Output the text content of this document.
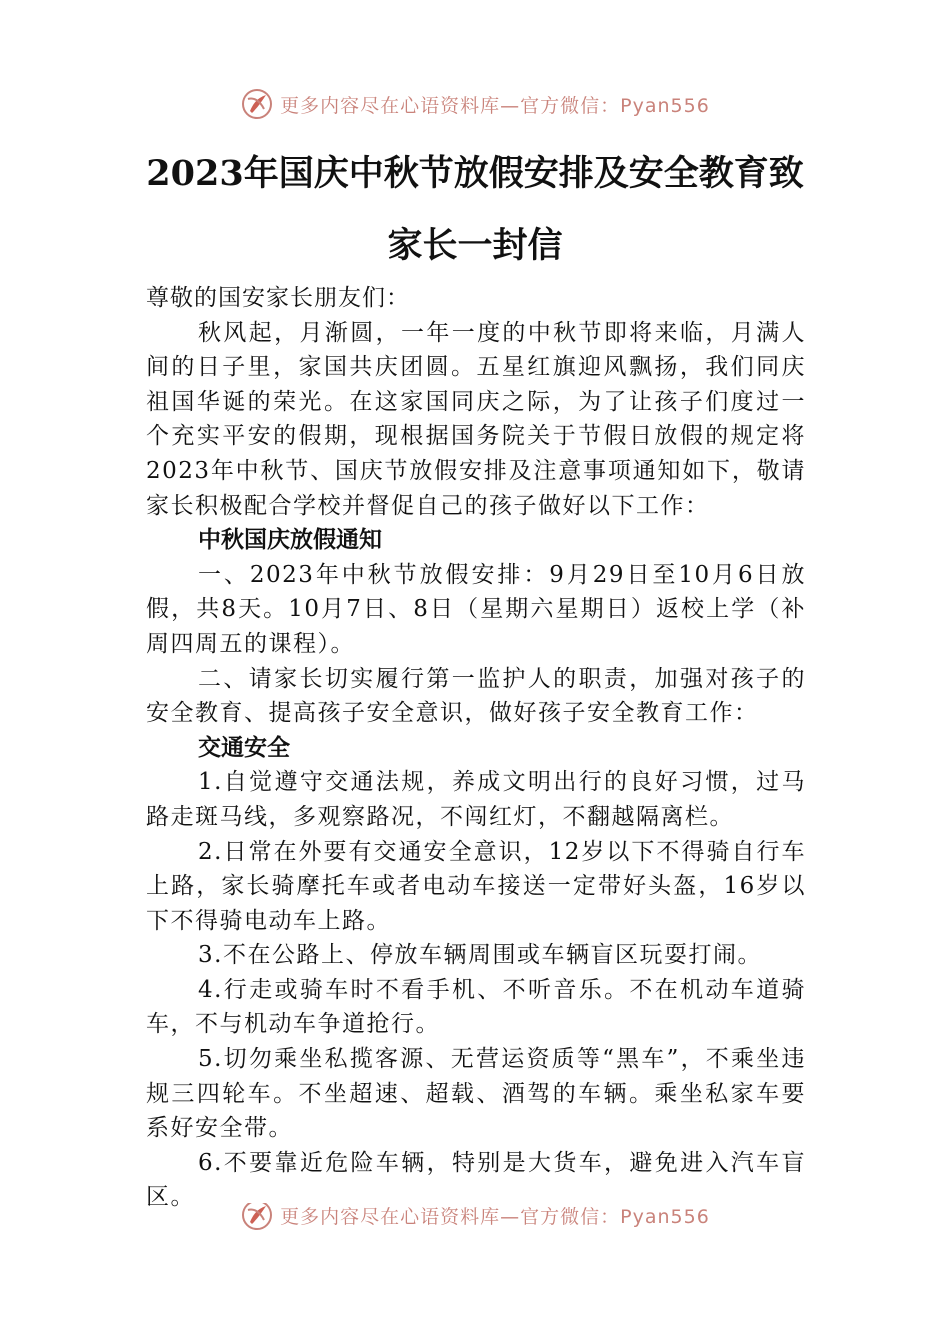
更多内容尽在心语资料库—官方微信：Pyan556
2023年国庆中秋节放假安排及安全教育致
家长一封信

尊敬的国安家长朋友们：

秋风起，月渐圆，一年一度的中秋节即将来临，月满人间的日子里，家国共庆团圆。五星红旗迎风飘扬，我们同庆祖国华诞的荣光。在这家国同庆之际，为了让孩子们度过一个充实平安的假期，现根据国务院关于节假日放假的规定将2023年中秋节、国庆节放假安排及注意事项通知如下，敬请家长积极配合学校并督促自己的孩子做好以下工作：

中秋国庆放假通知

一、2023年中秋节放假安排：9月29日至10月6日放假，共8天。10月7日、8日（星期六星期日）返校上学（补周四周五的课程）。

二、请家长切实履行第一监护人的职责，加强对孩子的安全教育、提高孩子安全意识，做好孩子安全教育工作：

交通安全

1.自觉遵守交通法规，养成文明出行的良好习惯，过马路走斑马线，多观察路况，不闯红灯，不翻越隔离栏。

2.日常在外要有交通安全意识，12岁以下不得骑自行车上路，家长骑摩托车或者电动车接送一定带好头盔，16岁以下不得骑电动车上路。

3.不在公路上、停放车辆周围或车辆盲区玩耍打闹。

4.行走或骑车时不看手机、不听音乐。不在机动车道骑车，不与机动车争道抢行。

5.切勿乘坐私揽客源、无营运资质等“黑车”，不乘坐违规三四轮车。不坐超速、超载、酒驾的车辆。乘坐私家车要系好安全带。

6.不要靠近危险车辆，特别是大货车，避免进入汽车盲区。

更多内容尽在心语资料库—官方微信：Pyan556
